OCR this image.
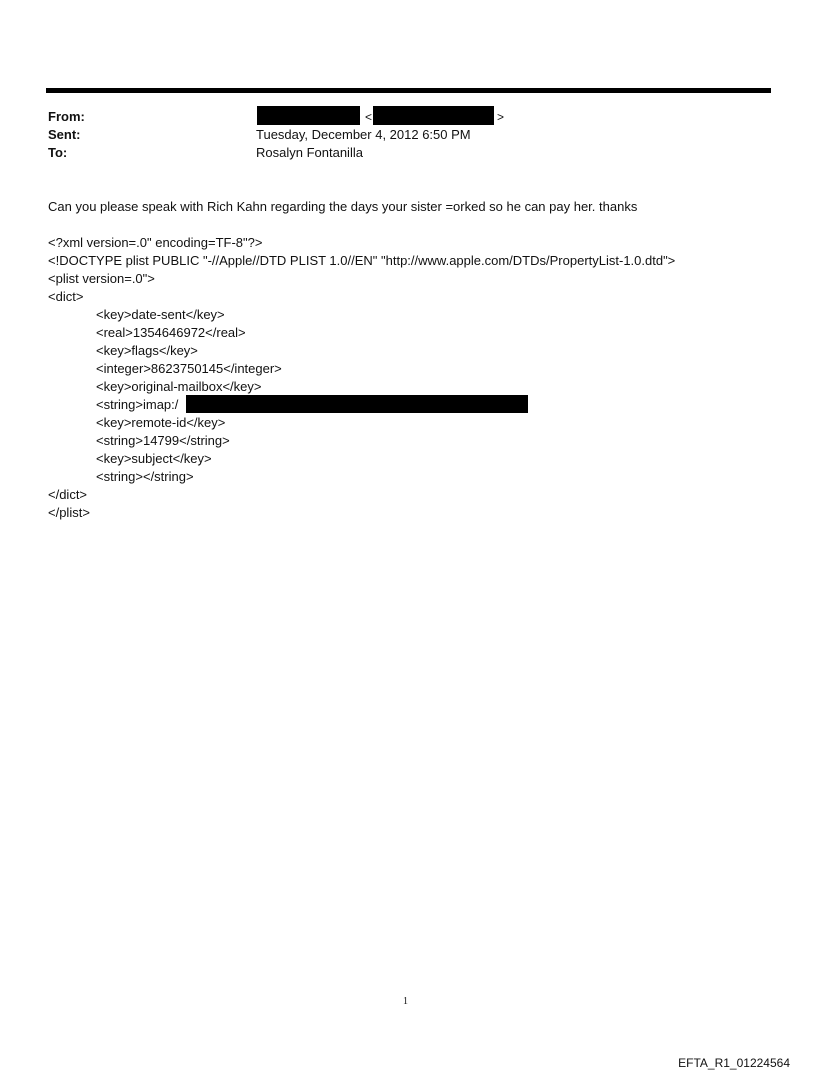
From:	<	>
Sent:	Tuesday, December 4, 2012 6:50 PM
To:	Rosalyn Fontanilla
Can you please speak with Rich Kahn regarding the days your sister =orked so he can pay her. thanks
<?xml version=.0" encoding=TF-8"?>
<!DOCTYPE plist PUBLIC "-//Apple//DTD PLIST 1.0//EN" "http://www.apple.com/DTDs/PropertyList-1.0.dtd">
<plist version=.0">
<dict>
<key>date-sent</key>
<real>1354646972</real>
<key>flags</key>
<integer>8623750145</integer>
<key>original-mailbox</key>
<string>imap:/
<key>remote-id</key>
<string>14799</string>
<key>subject</key>
<string></string>
</dict>
</plist>
1
EFTA_R1_01224564
